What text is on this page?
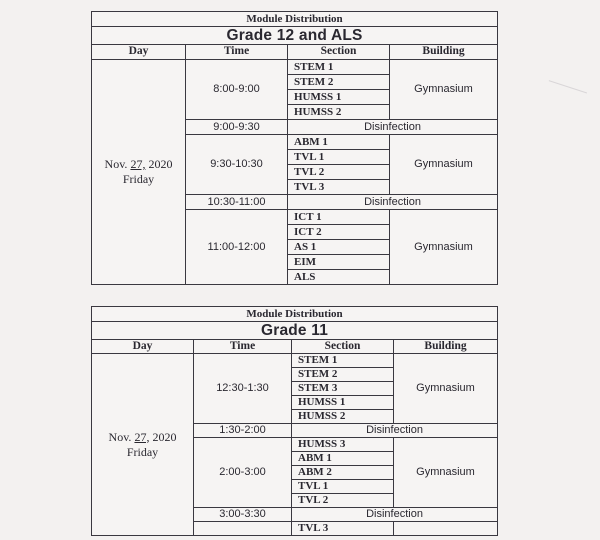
Module Distribution			
Grade 12 and ALS			
Day	Time	Section	Building
Nov. 27, 2020
Friday	8:00-9:00	STEM 1	Gymnasium
		STEM 2	
		HUMSS 1	
		HUMSS 2	
	9:00-9:30	Disinfection	
	9:30-10:30	ABM 1	Gymnasium
		TVL 1	
		TVL 2	
		TVL 3	
	10:30-11:00	Disinfection	
	11:00-12:00	ICT 1	Gymnasium
		ICT 2	
		AS 1	
		EIM	
		ALS	
Module Distribution			
Grade 11			
Day	Time	Section	Building
Nov. 27, 2020
Friday	12:30-1:30	STEM 1	Gymnasium
		STEM 2	
		STEM 3	
		HUMSS 1	
		HUMSS 2	
	1:30-2:00	Disinfection	
	2:00-3:00	HUMSS 3	Gymnasium
		ABM 1	
		ABM 2	
		TVL 1	
		TVL 2	
	3:00-3:30	Disinfection	
		TVL 3	
